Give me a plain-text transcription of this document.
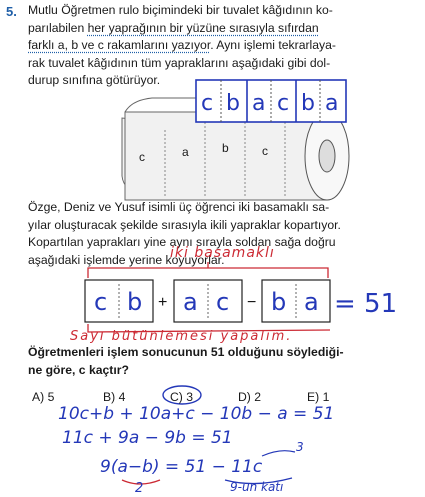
5. Mutlu Öğretmen rulo biçimindeki bir tuvalet kâğıdının ko-
parılabilen her yaprağının bir yüzüne sırasıyla sıfırdan
farklı a, b ve c rakamlarını yazıyor. Aynı işlemi tekrarlaya-
rak tuvalet kâğıdının tüm yapraklarını aşağıdaki gibi dol-
durup sınıfına götürüyor.

c	a	b	c
c b a c b a
c b a c b a
+	−	= 51

Özge, Deniz ve Yusuf isimli üç öğrenci iki basamaklı sa-
yılar oluşturacak şekilde sırasıyla ikili yapraklar kopartıyor.
Kopartılan yaprakları yine aynı sırayla soldan sağa doğru
aşağıdaki işlemde yerine koyuyorlar.

iki basamaklı
Sayı bütünlemesi yapalım.

Öğretmenleri işlem sonucunun 51 olduğunu söylediği-
ne göre, c kaçtır?

A) 5	B) 4	C) 3	D) 2	E) 1
10c+b + 10a+c − 10b − a = 51
11c + 9a − 9b = 51
9(a−b) = 51 − 11c
3
2	9-un katı
